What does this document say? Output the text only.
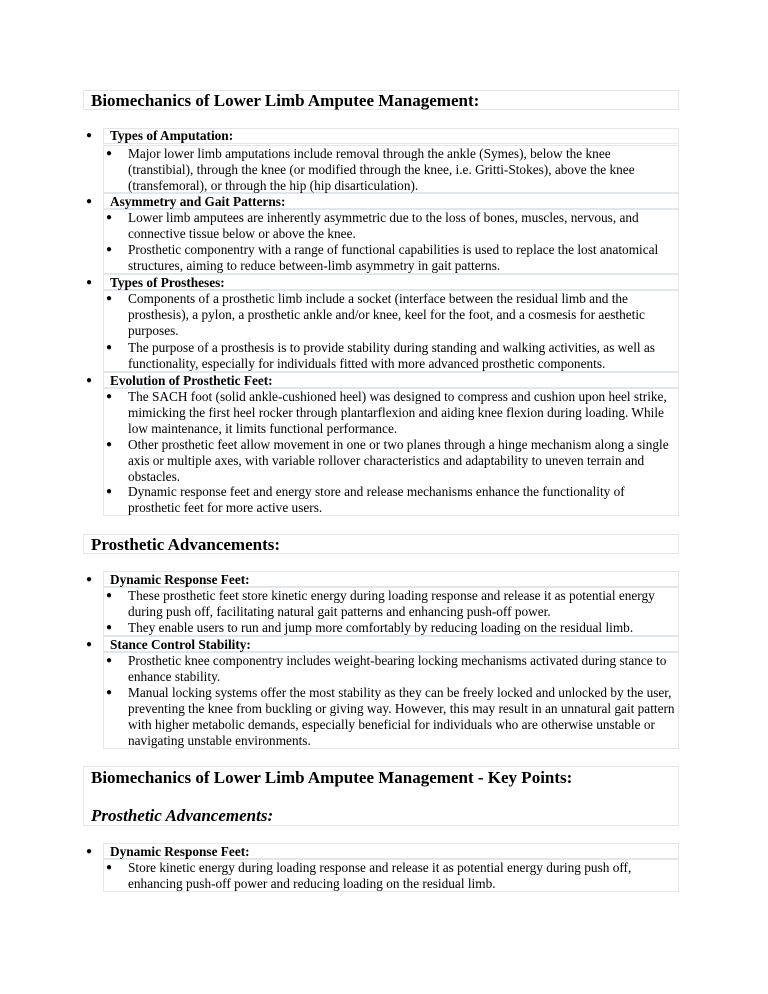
Biomechanics of Lower Limb Amputee Management:
● Types of Amputation:
● Major lower limb amputations include removal through the ankle (Symes), below the knee (transtibial), through the knee (or modified through the knee, i.e. Gritti-Stokes), above the knee (transfemoral), or through the hip (hip disarticulation).
● Asymmetry and Gait Patterns:
● Lower limb amputees are inherently asymmetric due to the loss of bones, muscles, nervous, and connective tissue below or above the knee.
● Prosthetic componentry with a range of functional capabilities is used to replace the lost anatomical structures, aiming to reduce between-limb asymmetry in gait patterns.
● Types of Prostheses:
● Components of a prosthetic limb include a socket (interface between the residual limb and the prosthesis), a pylon, a prosthetic ankle and/or knee, keel for the foot, and a cosmesis for aesthetic purposes.
● The purpose of a prosthesis is to provide stability during standing and walking activities, as well as functionality, especially for individuals fitted with more advanced prosthetic components.
● Evolution of Prosthetic Feet:
● The SACH foot (solid ankle-cushioned heel) was designed to compress and cushion upon heel strike, mimicking the first heel rocker through plantarflexion and aiding knee flexion during loading. While low maintenance, it limits functional performance.
● Other prosthetic feet allow movement in one or two planes through a hinge mechanism along a single axis or multiple axes, with variable rollover characteristics and adaptability to uneven terrain and obstacles.
● Dynamic response feet and energy store and release mechanisms enhance the functionality of prosthetic feet for more active users.
Prosthetic Advancements:
● Dynamic Response Feet:
● These prosthetic feet store kinetic energy during loading response and release it as potential energy during push off, facilitating natural gait patterns and enhancing push-off power.
● They enable users to run and jump more comfortably by reducing loading on the residual limb.
● Stance Control Stability:
● Prosthetic knee componentry includes weight-bearing locking mechanisms activated during stance to enhance stability.
● Manual locking systems offer the most stability as they can be freely locked and unlocked by the user, preventing the knee from buckling or giving way. However, this may result in an unnatural gait pattern with higher metabolic demands, especially beneficial for individuals who are otherwise unstable or navigating unstable environments.
Biomechanics of Lower Limb Amputee Management - Key Points:
Prosthetic Advancements:
● Dynamic Response Feet:
● Store kinetic energy during loading response and release it as potential energy during push off, enhancing push-off power and reducing loading on the residual limb.
